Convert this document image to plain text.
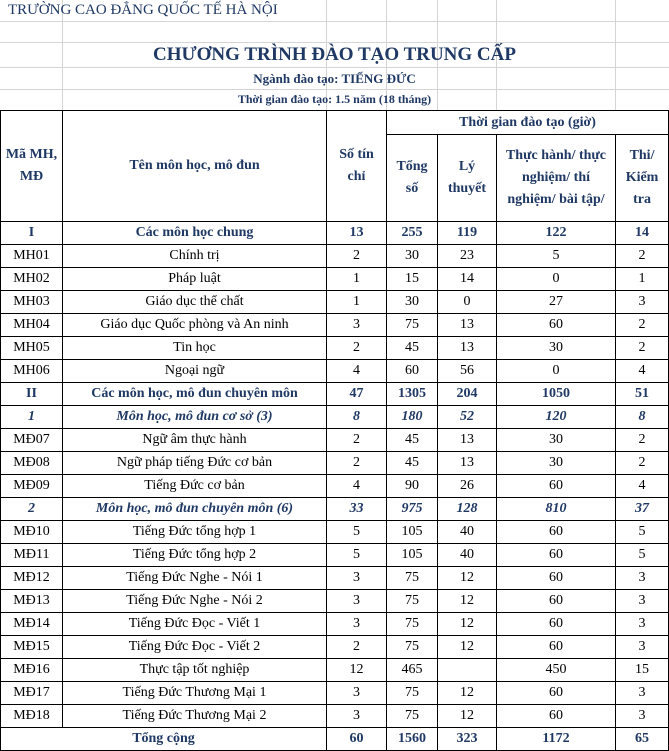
TRƯỜNG CAO ĐẲNG QUỐC TẾ HÀ NỘI
CHƯƠNG TRÌNH ĐÀO TẠO TRUNG CẤP
Ngành đào tạo: TIẾNG ĐỨC
Thời gian đào tạo: 1.5 năm (18 tháng)
Mã MH, MĐ	Tên môn học, mô đun	Số tín chỉ	Thời gian đào tạo (giờ)			
			Tổng số	Lý thuyết	Thực hành/ thực nghiệm/ thí nghiệm/ bài tập/	Thi/ Kiểm tra
I	Các môn học chung	13	255	119	122	14
MH01	Chính trị	2	30	23	5	2
MH02	Pháp luật	1	15	14	0	1
MH03	Giáo dục thể chất	1	30	0	27	3
MH04	Giáo dục Quốc phòng và An ninh	3	75	13	60	2
MH05	Tin học	2	45	13	30	2
MH06	Ngoại ngữ	4	60	56	0	4
II	Các môn học, mô đun chuyên môn	47	1305	204	1050	51
1	Môn học, mô đun cơ sở (3)	8	180	52	120	8
MĐ07	Ngữ âm thực hành	2	45	13	30	2
MĐ08	Ngữ pháp tiếng Đức cơ bản	2	45	13	30	2
MĐ09	Tiếng Đức cơ bản	4	90	26	60	4
2	Môn học, mô đun chuyên môn (6)	33	975	128	810	37
MĐ10	Tiếng Đức tổng hợp 1	5	105	40	60	5
MĐ11	Tiếng Đức tổng hợp 2	5	105	40	60	5
MĐ12	Tiếng Đức Nghe - Nói 1	3	75	12	60	3
MĐ13	Tiếng Đức Nghe - Nói 2	3	75	12	60	3
MĐ14	Tiếng Đức Đọc - Viết 1	3	75	12	60	3
MĐ15	Tiếng Đức Đọc - Viết 2	2	75	12	60	3
MĐ16	Thực tập tốt nghiệp	12	465		450	15
MĐ17	Tiếng Đức Thương Mại 1	3	75	12	60	3
MĐ18	Tiếng Đức Thương Mại 2	3	75	12	60	3
Tổng cộng		60	1560	323	1172	65
